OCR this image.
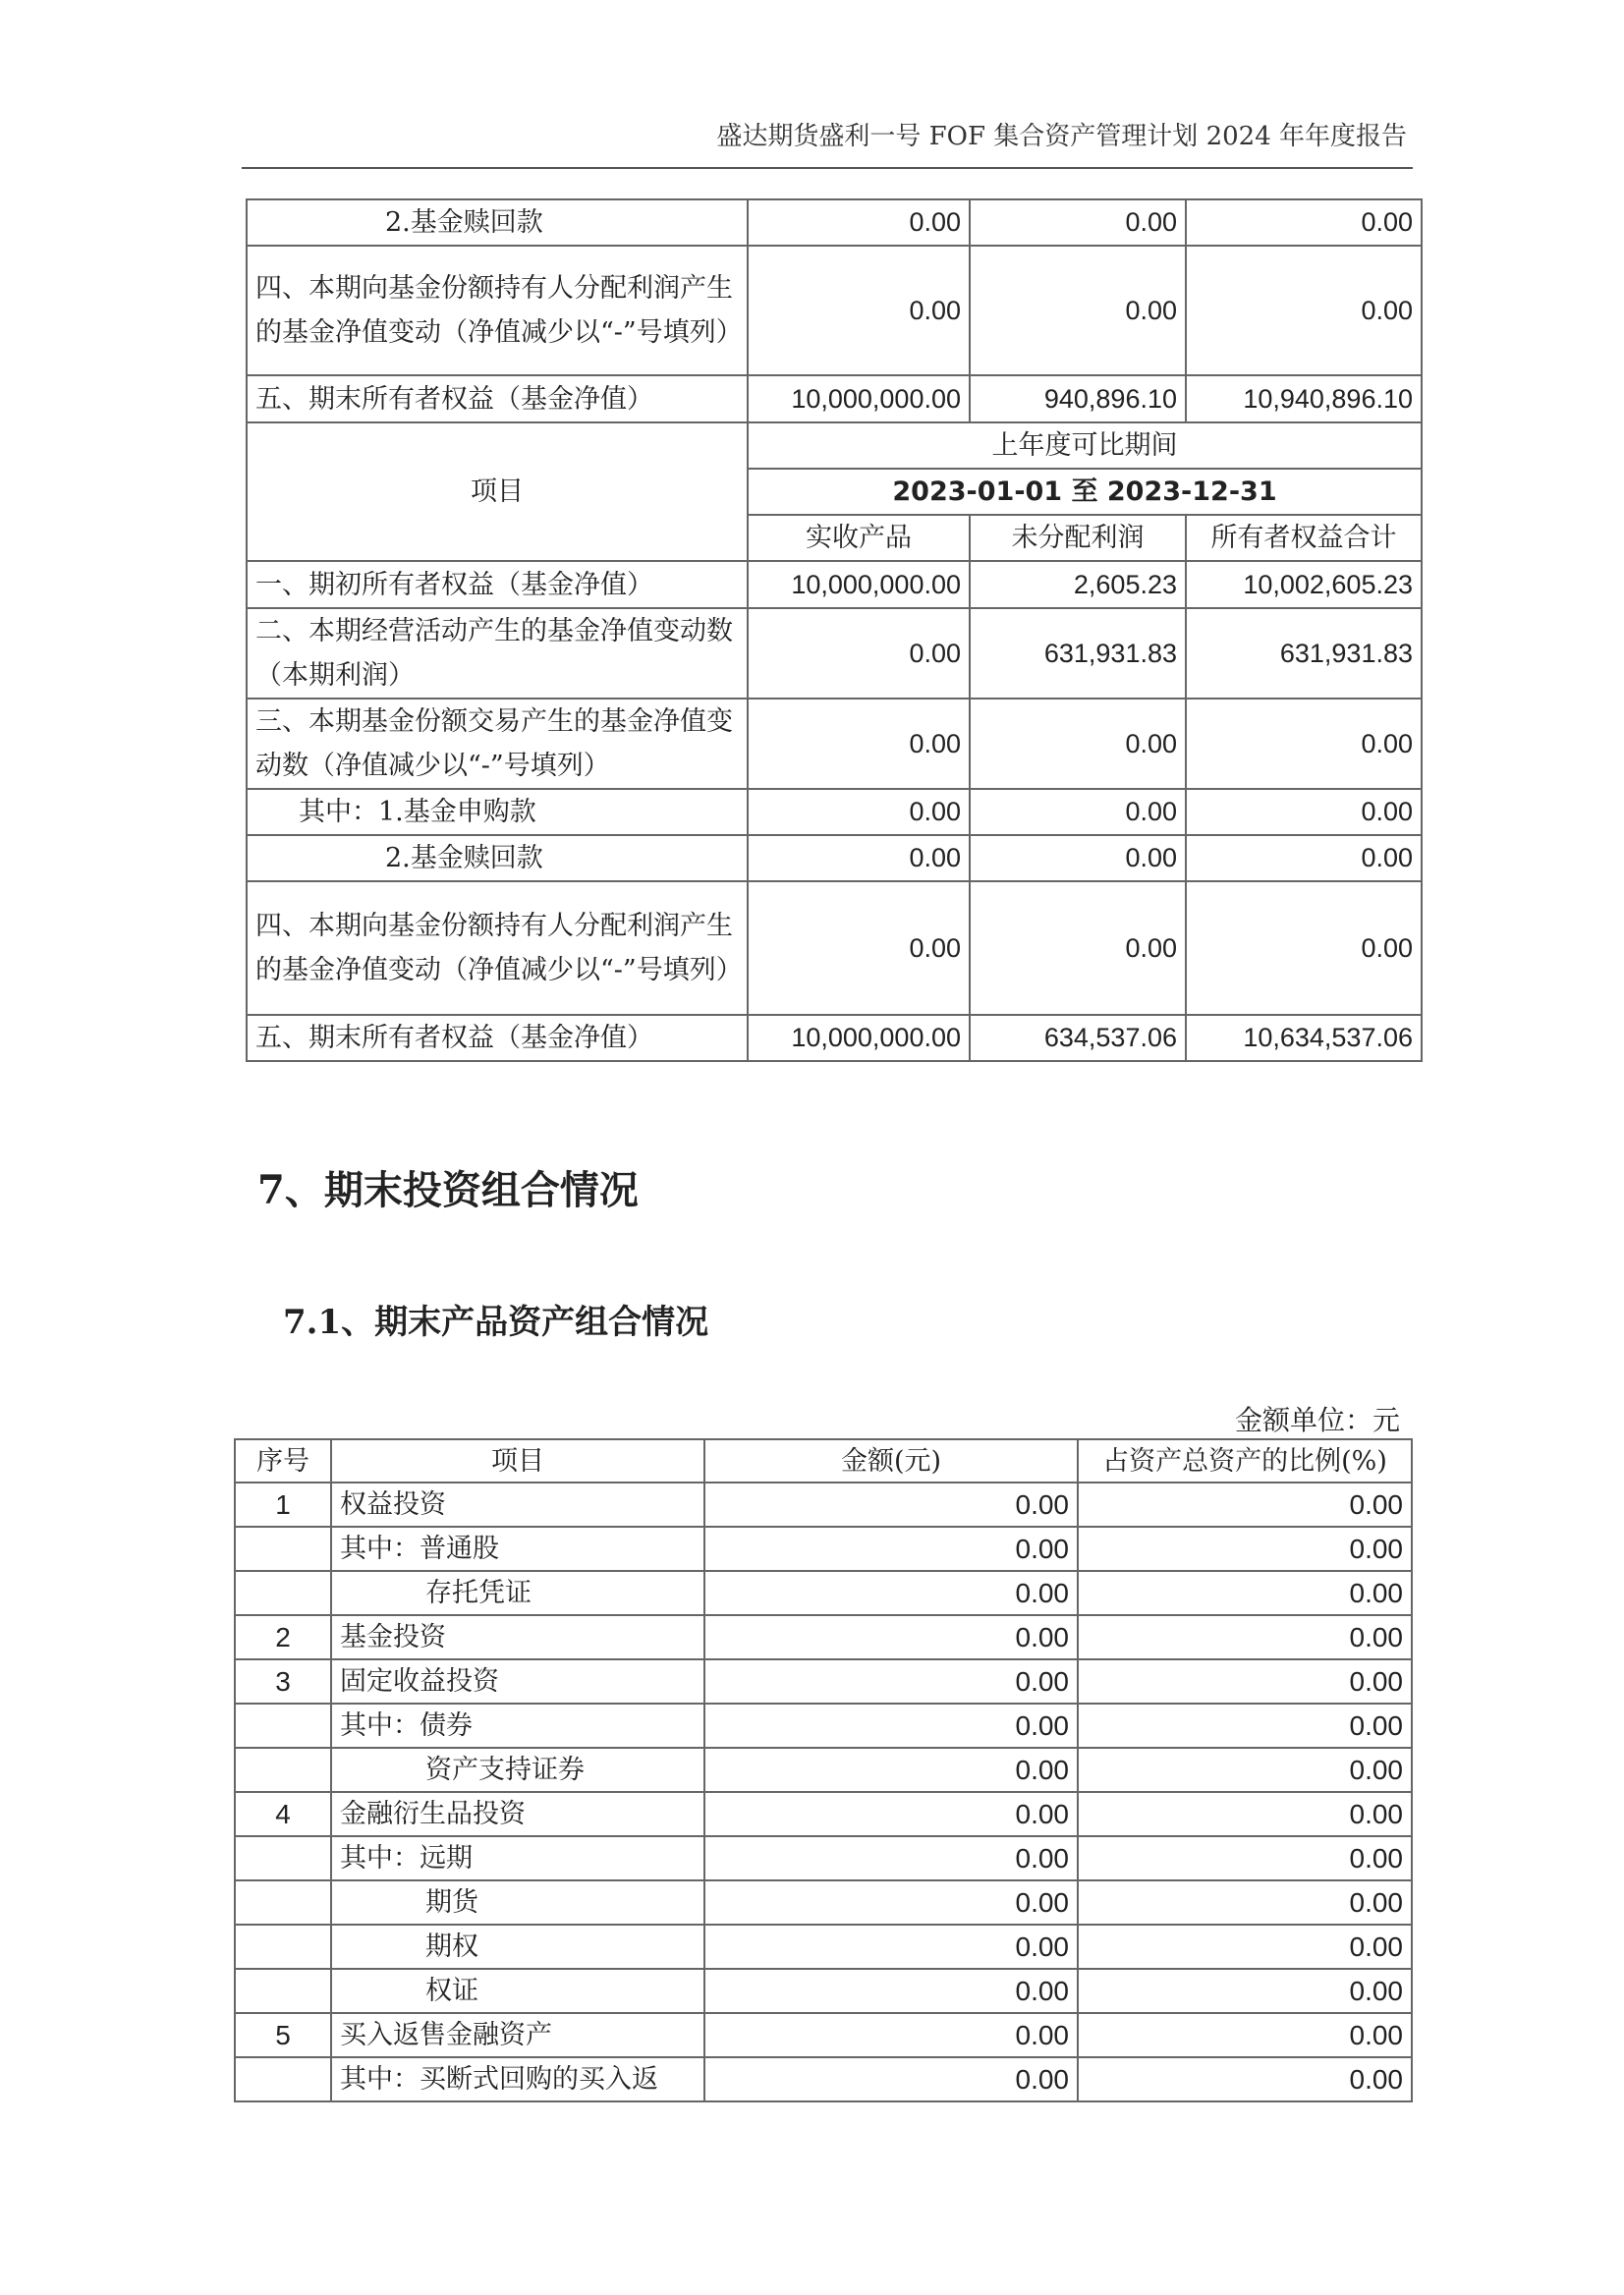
盛达期货盛利一号 FOF 集合资产管理计划 2024 年年度报告
2.基金赎回款	0.00	0.00	0.00
四、本期向基金份额持有人分配利润产生的基金净值变动（净值减少以“-”号填列）	0.00	0.00	0.00
五、期末所有者权益（基金净值）	10,000,000.00	940,896.10	10,940,896.10
项目	上年度可比期间		
	2023-01-01 至 2023-12-31		
	实收产品	未分配利润	所有者权益合计
一、期初所有者权益（基金净值）	10,000,000.00	2,605.23	10,002,605.23
二、本期经营活动产生的基金净值变动数（本期利润）	0.00	631,931.83	631,931.83
三、本期基金份额交易产生的基金净值变动数（净值减少以“-”号填列）	0.00	0.00	0.00
其中：1.基金申购款	0.00	0.00	0.00
2.基金赎回款	0.00	0.00	0.00
四、本期向基金份额持有人分配利润产生的基金净值变动（净值减少以“-”号填列）	0.00	0.00	0.00
五、期末所有者权益（基金净值）	10,000,000.00	634,537.06	10,634,537.06
7、期末投资组合情况
7.1、期末产品资产组合情况
金额单位：元
序号	项目	金额(元)	占资产总资产的比例(%)
1	权益投资	0.00	0.00
	其中：普通股	0.00	0.00
	存托凭证	0.00	0.00
2	基金投资	0.00	0.00
3	固定收益投资	0.00	0.00
	其中：债券	0.00	0.00
	资产支持证券	0.00	0.00
4	金融衍生品投资	0.00	0.00
	其中：远期	0.00	0.00
	期货	0.00	0.00
	期权	0.00	0.00
	权证	0.00	0.00
5	买入返售金融资产	0.00	0.00
	其中：买断式回购的买入返	0.00	0.00
